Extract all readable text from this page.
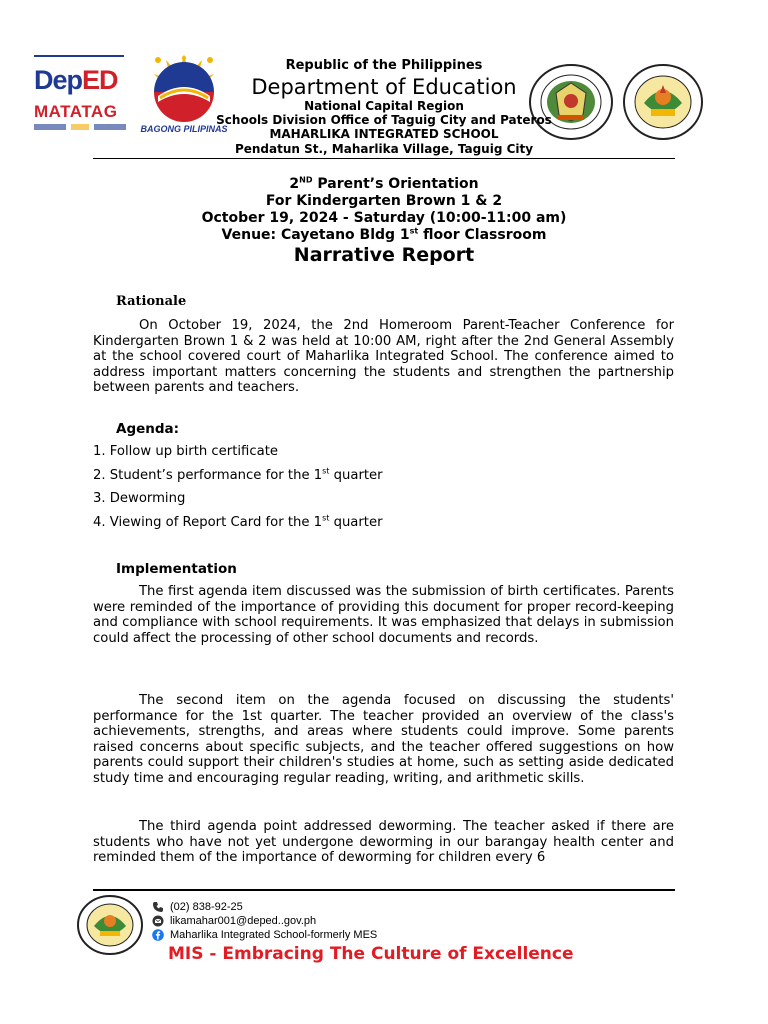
DepED
MATATAG
BAGONG PILIPINAS
Republic of the Philippines
Department of Education
National Capital Region
Schools Division Office of Taguig City and Pateros
MAHARLIKA INTEGRATED SCHOOL
Pendatun St., Maharlika Village, Taguig City
2ND Parent’s Orientation
For Kindergarten Brown 1 & 2
October 19, 2024 - Saturday (10:00-11:00 am)
Venue: Cayetano Bldg 1st floor Classroom
Narrative Report
Rationale
On October 19, 2024, the 2nd Homeroom Parent-Teacher Conference for Kindergarten Brown 1 & 2 was held at 10:00 AM, right after the 2nd General Assembly at the school covered court of Maharlika Integrated School. The conference aimed to address important matters concerning the students and strengthen the partnership between parents and teachers.
Agenda:
1. Follow up birth certificate
2. Student’s performance for the 1st quarter
3. Deworming
4. Viewing of Report Card for the 1st quarter
Implementation
The first agenda item discussed was the submission of birth certificates. Parents were reminded of the importance of providing this document for proper record-keeping and compliance with school requirements. It was emphasized that delays in submission could affect the processing of other school documents and records.
The second item on the agenda focused on discussing the students' performance for the 1st quarter. The teacher provided an overview of the class's achievements, strengths, and areas where students could improve. Some parents raised concerns about specific subjects, and the teacher offered suggestions on how parents could support their children's studies at home, such as setting aside dedicated study time and encouraging regular reading, writing, and arithmetic skills.
The third agenda point addressed deworming. The teacher asked if there are students who have not yet undergone deworming in our barangay health center and reminded them of the importance of deworming for children every 6
(02) 838-92-25
likamahar001@deped..gov.ph
Maharlika Integrated School-formerly MES
MIS - Embracing The Culture of Excellence
